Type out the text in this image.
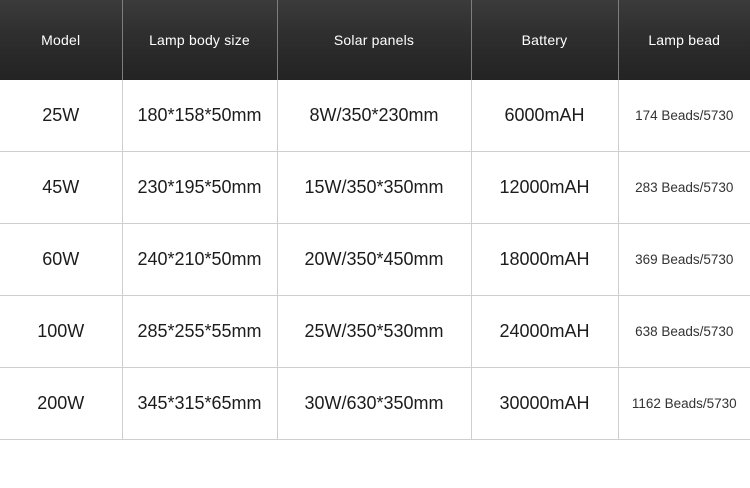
Model	Lamp body size	Solar panels	Battery	Lamp bead
25W	180*158*50mm	8W/350*230mm	6000mAH	174 Beads/5730
45W	230*195*50mm	15W/350*350mm	12000mAH	283 Beads/5730
60W	240*210*50mm	20W/350*450mm	18000mAH	369 Beads/5730
100W	285*255*55mm	25W/350*530mm	24000mAH	638 Beads/5730
200W	345*315*65mm	30W/630*350mm	30000mAH	1162 Beads/5730
